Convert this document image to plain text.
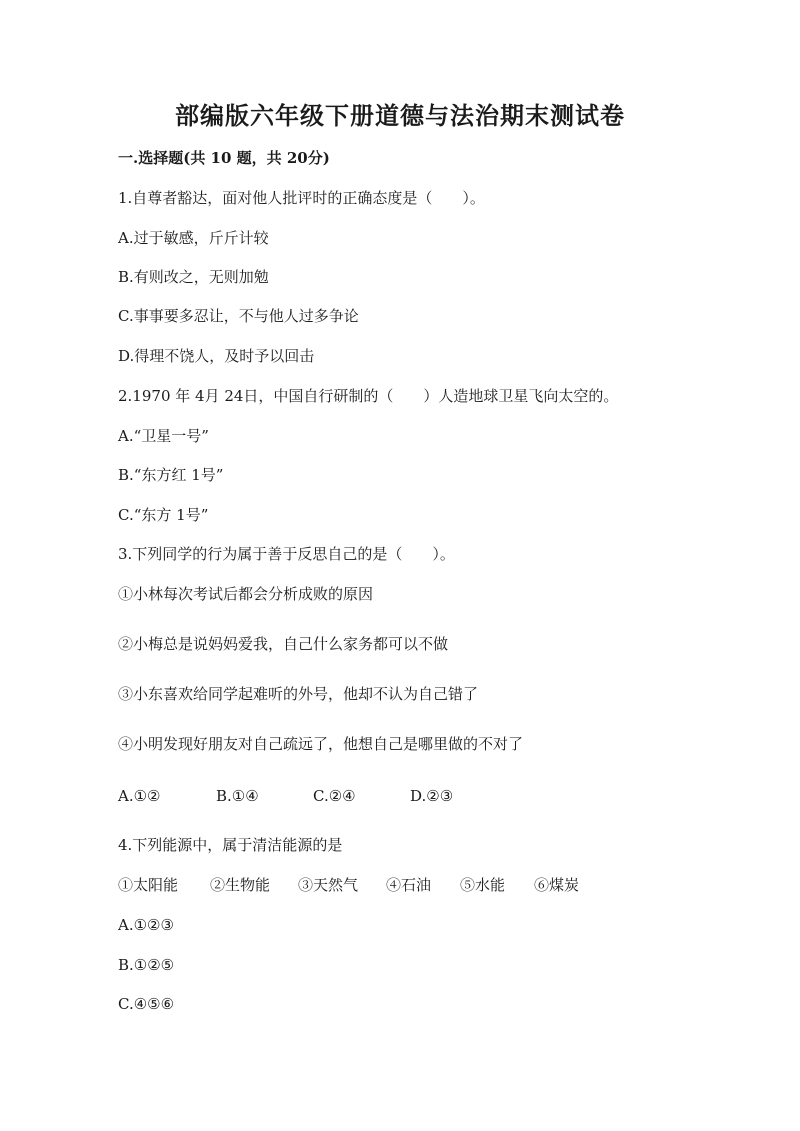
部编版六年级下册道德与法治期末测试卷
一.选择题(共 10 题，共 20分)
1.自尊者豁达，面对他人批评时的正确态度是（　　）。
A.过于敏感，斤斤计较
B.有则改之，无则加勉
C.事事要多忍让，不与他人过多争论
D.得理不饶人，及时予以回击
2.1970 年 4月 24日，中国自行研制的（　　）人造地球卫星飞向太空的。
A.“卫星一号”
B.“东方红 1号”
C.“东方 1号”
3.下列同学的行为属于善于反思自己的是（　　）。
①小林每次考试后都会分析成败的原因
②小梅总是说妈妈爱我，自己什么家务都可以不做
③小东喜欢给同学起难听的外号，他却不认为自己错了
④小明发现好朋友对自己疏远了，他想自己是哪里做的不对了
A.①②	B.①④	C.②④	D.②③
4.下列能源中，属于清洁能源的是
①太阳能 ②生物能 ③天然气 ④石油 ⑤水能 ⑥煤炭
A.①②③
B.①②⑤
C.④⑤⑥
